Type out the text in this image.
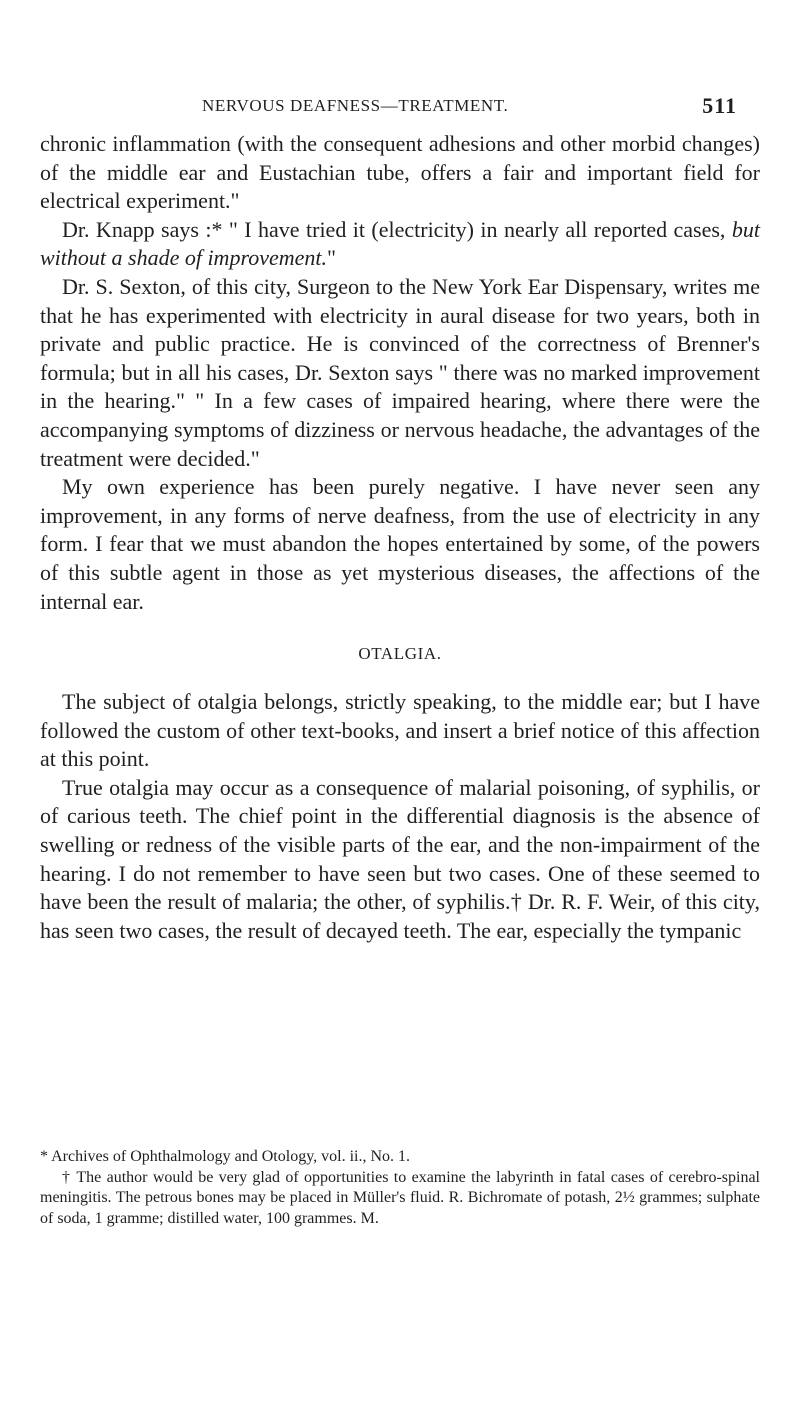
NERVOUS DEAFNESS—TREATMENT.	511

chronic inflammation (with the consequent adhesions and other morbid changes) of the middle ear and Eustachian tube, offers a fair and important field for electrical experiment."

Dr. Knapp says :* " I have tried it (electricity) in nearly all reported cases, but without a shade of improvement."

Dr. S. Sexton, of this city, Surgeon to the New York Ear Dispensary, writes me that he has experimented with electricity in aural disease for two years, both in private and public practice. He is convinced of the correctness of Brenner's formula; but in all his cases, Dr. Sexton says " there was no marked improvement in the hearing." " In a few cases of impaired hearing, where there were the accompanying symptoms of dizziness or nervous headache, the advantages of the treatment were decided."

My own experience has been purely negative. I have never seen any improvement, in any forms of nerve deafness, from the use of electricity in any form. I fear that we must abandon the hopes entertained by some, of the powers of this subtle agent in those as yet mysterious diseases, the affections of the internal ear.

OTALGIA.

The subject of otalgia belongs, strictly speaking, to the middle ear; but I have followed the custom of other text-books, and insert a brief notice of this affection at this point.

True otalgia may occur as a consequence of malarial poisoning, of syphilis, or of carious teeth. The chief point in the differential diagnosis is the absence of swelling or redness of the visible parts of the ear, and the non-impairment of the hearing. I do not remember to have seen but two cases. One of these seemed to have been the result of malaria; the other, of syphilis.† Dr. R. F. Weir, of this city, has seen two cases, the result of decayed teeth. The ear, especially the tympanic

* Archives of Ophthalmology and Otology, vol. ii., No. 1.

† The author would be very glad of opportunities to examine the labyrinth in fatal cases of cerebro-spinal meningitis. The petrous bones may be placed in Müller's fluid. R. Bichromate of potash, 2½ grammes; sulphate of soda, 1 gramme; distilled water, 100 grammes. M.
